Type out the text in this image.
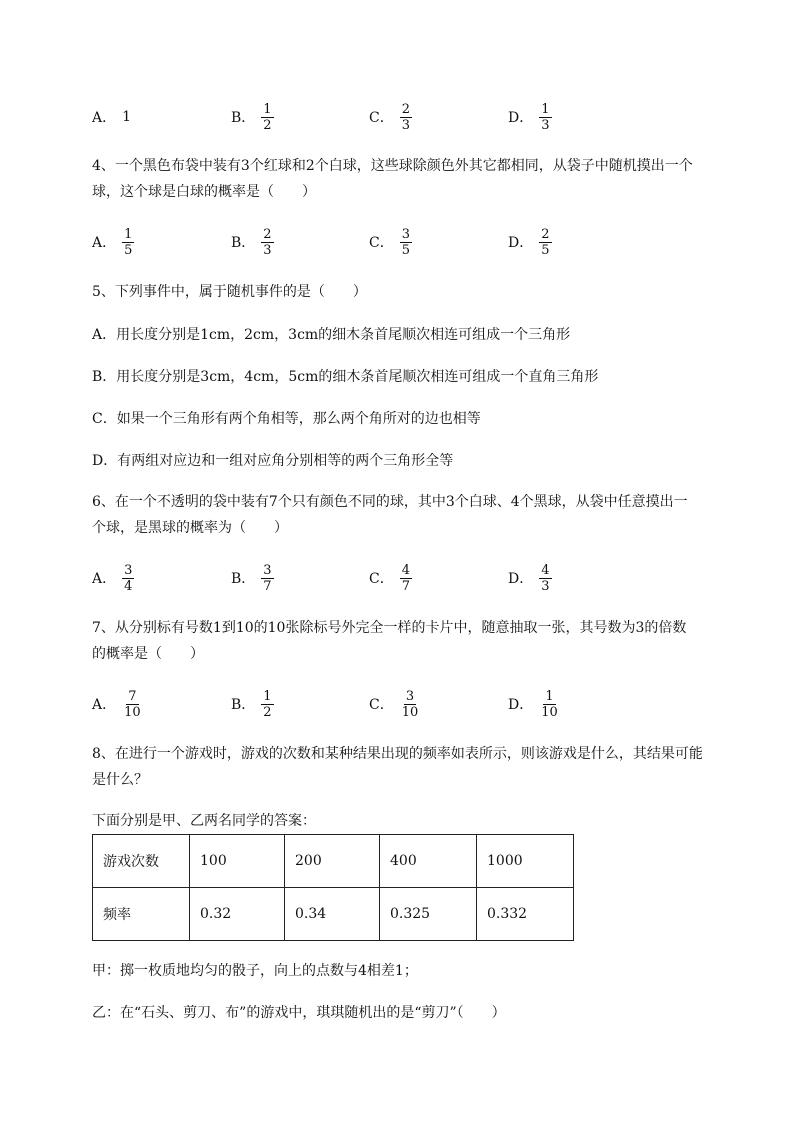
A． 1	B． $\frac{1}{2}$	C． $\frac{2}{3}$	D． $\frac{1}{3}$
4、一个黑色布袋中装有3个红球和2个白球，这些球除颜色外其它都相同，从袋子中随机摸出一个
球，这个球是白球的概率是（　　）
A． $\frac{1}{5}$	B． $\frac{2}{3}$	C． $\frac{3}{5}$	D． $\frac{2}{5}$
5、下列事件中，属于随机事件的是（　　）
A．用长度分别是1cm，2cm，3cm的细木条首尾顺次相连可组成一个三角形
B．用长度分别是3cm，4cm，5cm的细木条首尾顺次相连可组成一个直角三角形
C．如果一个三角形有两个角相等，那么两个角所对的边也相等
D．有两组对应边和一组对应角分别相等的两个三角形全等
6、在一个不透明的袋中装有7个只有颜色不同的球，其中3个白球、4个黑球，从袋中任意摸出一
个球，是黑球的概率为（　　）
A． $\frac{3}{4}$	B． $\frac{3}{7}$	C． $\frac{4}{7}$	D． $\frac{4}{3}$
7、从分别标有号数1到10的10张除标号外完全一样的卡片中，随意抽取一张，其号数为3的倍数
的概率是（　　）
A． $\frac{7}{10}$	B． $\frac{1}{2}$	C． $\frac{3}{10}$	D． $\frac{1}{10}$
8、在进行一个游戏时，游戏的次数和某种结果出现的频率如表所示，则该游戏是什么，其结果可能
是什么？
下面分别是甲、乙两名同学的答案：
游戏次数	100	200	400	1000
频率	0.32	0.34	0.325	0.332
甲：掷一枚质地均匀的骰子，向上的点数与4相差1；
乙：在“石头、剪刀、布”的游戏中，琪琪随机出的是“剪刀”（　　）
